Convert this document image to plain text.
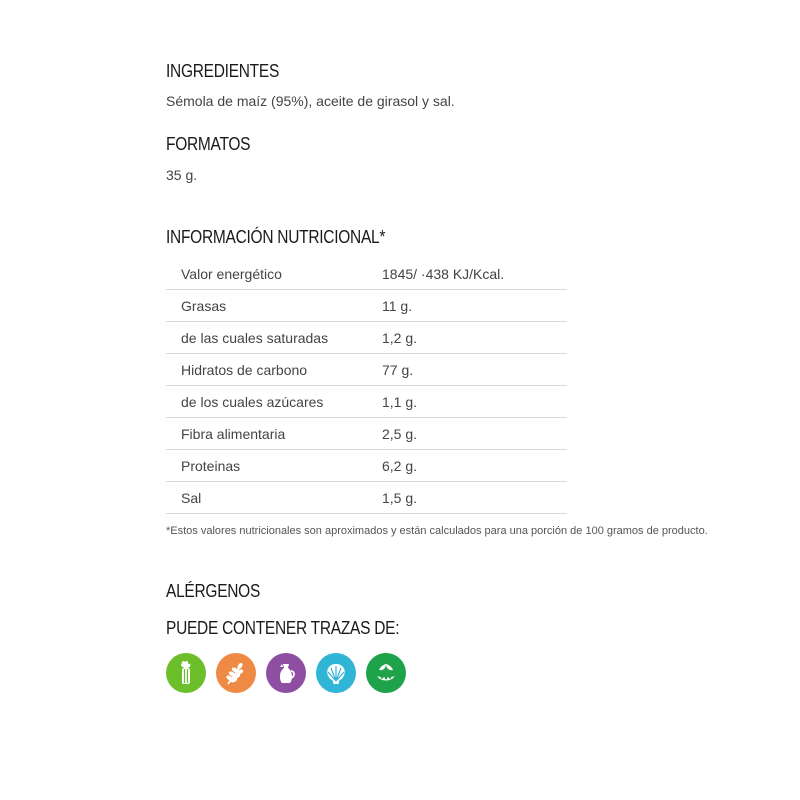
INGREDIENTES
Sémola de maíz (95%), aceite de girasol y sal.
FORMATOS
35 g.
INFORMACIÓN NUTRICIONAL*
Valor energético	1845/ ·438 KJ/Kcal.
Grasas	11 g.
de las cuales saturadas	1,2 g.
Hidratos de carbono	77 g.
de los cuales azúcares	1,1 g.
Fibra alimentaria	2,5 g.
Proteinas	6,2 g.
Sal	1,5 g.
*Estos valores nutricionales son aproximados y están calculados para una porción de 100 gramos de producto.
ALÉRGENOS
PUEDE CONTENER TRAZAS DE:
